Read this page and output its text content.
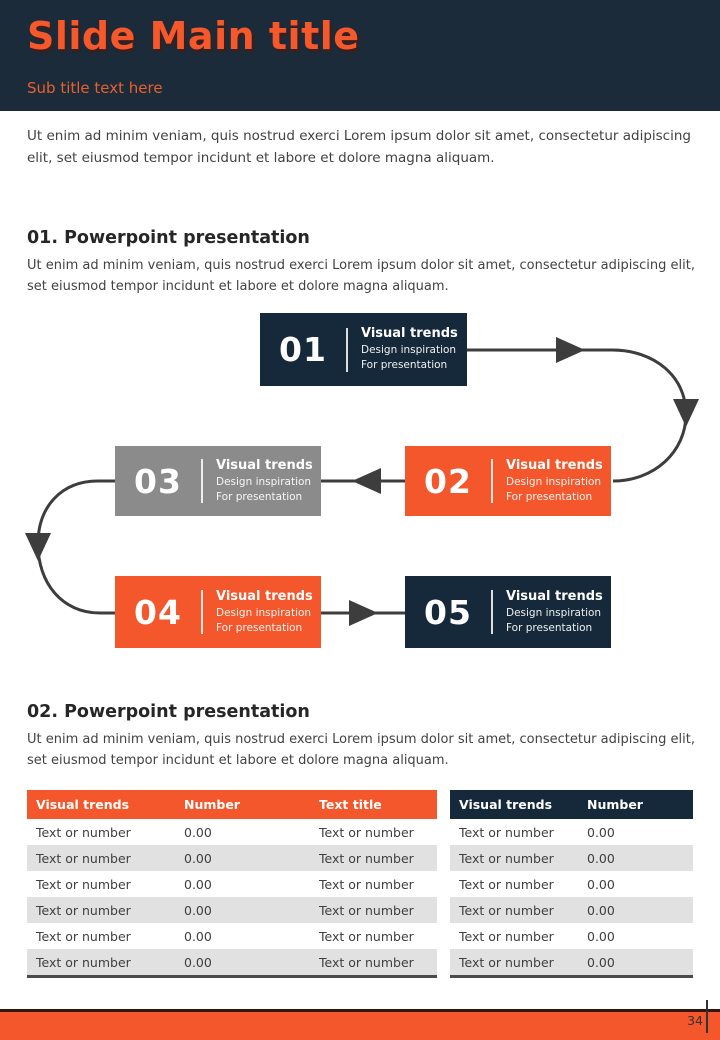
Slide Main title
Sub title text here
Ut enim ad minim veniam, quis nostrud exerci Lorem ipsum dolor sit amet, consectetur adipiscing elit, set eiusmod tempor incidunt et labore et dolore magna aliquam.
01. Powerpoint presentation
Ut enim ad minim veniam, quis nostrud exerci Lorem ipsum dolor sit amet, consectetur adipiscing elit, set eiusmod tempor incidunt et labore et dolore magna aliquam.
01	Visual trends
Design inspiration
For presentation
02	Visual trends
Design inspiration
For presentation
03	Visual trends
Design inspiration
For presentation
04	Visual trends
Design inspiration
For presentation	05	Visual trends
Design inspiration
For presentation
02. Powerpoint presentation
Ut enim ad minim veniam, quis nostrud exerci Lorem ipsum dolor sit amet, consectetur adipiscing elit, set eiusmod tempor incidunt et labore et dolore magna aliquam.
Visual trends	Number	Text title
Text or number	0.00	Text or number
Text or number	0.00	Text or number
Text or number	0.00	Text or number
Text or number	0.00	Text or number
Text or number	0.00	Text or number
Text or number	0.00	Text or number
Visual trends	Number
Text or number	0.00
Text or number	0.00
Text or number	0.00
Text or number	0.00
Text or number	0.00
Text or number	0.00
34
